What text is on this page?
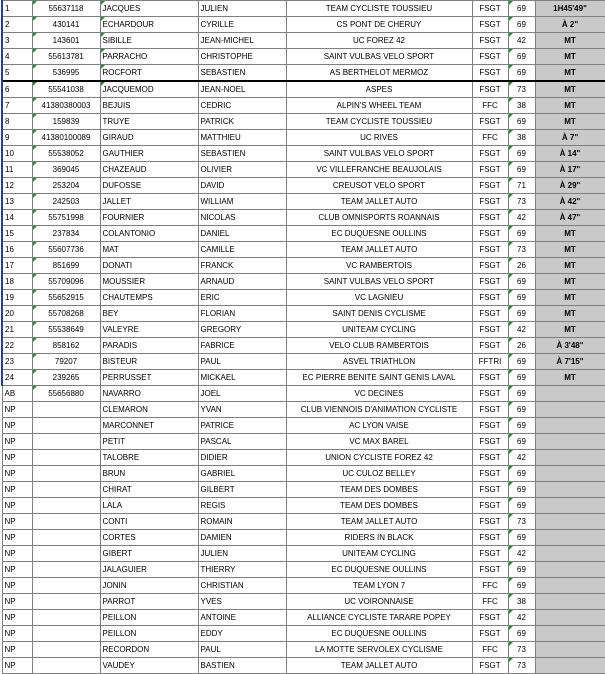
1	55637118	JACQUES	JULIEN	TEAM CYCLISTE TOUSSIEU	FSGT	69	1H45'49"
2	430141	ECHARDOUR	CYRILLE	CS PONT DE CHERUY	FSGT	69	À 2"
3	143601	SIBILLE	JEAN-MICHEL	UC FOREZ 42	FSGT	42	MT
4	55613781	PARRACHO	CHRISTOPHE	SAINT VULBAS VELO SPORT	FSGT	69	MT
5	536995	ROCFORT	SEBASTIEN	AS BERTHELOT MERMOZ	FSGT	69	MT
6	55541038	JACQUEMOD	JEAN-NOEL	ASPES	FSGT	73	MT
7	41380380003	BEJUIS	CEDRIC	ALPIN'S WHEEL TEAM	FFC	38	MT
8	159839	TRUYE	PATRICK	TEAM CYCLISTE TOUSSIEU	FSGT	69	MT
9	41380100089	GIRAUD	MATTHIEU	UC RIVES	FFC	38	À 7"
10	55538052	GAUTHIER	SEBASTIEN	SAINT VULBAS VELO SPORT	FSGT	69	À 14"
11	369045	CHAZEAUD	OLIVIER	VC VILLEFRANCHE BEAUJOLAIS	FSGT	69	À 17"
12	253204	DUFOSSE	DAVID	CREUSOT VELO SPORT	FSGT	71	À 29"
13	242503	JALLET	WILLIAM	TEAM JALLET AUTO	FSGT	73	À 42"
14	55751998	FOURNIER	NICOLAS	CLUB OMNISPORTS ROANNAIS	FSGT	42	À 47"
15	237834	COLANTONIO	DANIEL	EC DUQUESNE OULLINS	FSGT	69	MT
16	55607736	MAT	CAMILLE	TEAM JALLET AUTO	FSGT	73	MT
17	851699	DONATI	FRANCK	VC RAMBERTOIS	FSGT	26	MT
18	55709096	MOUSSIER	ARNAUD	SAINT VULBAS VELO SPORT	FSGT	69	MT
19	55652915	CHAUTEMPS	ERIC	VC LAGNIEU	FSGT	69	MT
20	55708268	BEY	FLORIAN	SAINT DENIS CYCLISME	FSGT	69	MT
21	55538649	VALEYRE	GREGORY	UNITEAM CYCLING	FSGT	42	MT
22	858162	PARADIS	FABRICE	VELO CLUB RAMBERTOIS	FSGT	26	À 3'48"
23	79207	BISTEUR	PAUL	ASVEL TRIATHLON	FFTRI	69	À 7'15"
24	239265	PERRUSSET	MICKAEL	EC PIERRE BENITE SAINT GENIS LAVAL	FSGT	69	MT
AB	55656880	NAVARRO	JOEL	VC DECINES	FSGT	69	
NP		CLEMARON	YVAN	CLUB VIENNOIS D'ANIMATION CYCLISTE	FSGT	69	
NP		MARCONNET	PATRICE	AC LYON VAISE	FSGT	69	
NP		PETIT	PASCAL	VC MAX BAREL	FSGT	69	
NP		TALOBRE	DIDIER	UNION CYCLISTE FOREZ 42	FSGT	42	
NP		BRUN	GABRIEL	UC CULOZ BELLEY	FSGT	69	
NP		CHIRAT	GILBERT	TEAM DES DOMBES	FSGT	69	
NP		LALA	REGIS	TEAM DES DOMBES	FSGT	69	
NP		CONTI	ROMAIN	TEAM JALLET AUTO	FSGT	73	
NP		CORTES	DAMIEN	RIDERS IN BLACK	FSGT	69	
NP		GIBERT	JULIEN	UNITEAM CYCLING	FSGT	42	
NP		JALAGUIER	THIERRY	EC DUQUESNE OULLINS	FSGT	69	
NP		JONIN	CHRISTIAN	TEAM LYON 7	FFC	69	
NP		PARROT	YVES	UC VOIRONNAISE	FFC	38	
NP		PEILLON	ANTOINE	ALLIANCE CYCLISTE TARARE POPEY	FSGT	42	
NP		PEILLON	EDDY	EC DUQUESNE OULLINS	FSGT	69	
NP		RECORDON	PAUL	LA MOTTE SERVOLEX CYCLISME	FFC	73	
NP		VAUDEY	BASTIEN	TEAM JALLET AUTO	FSGT	73	
